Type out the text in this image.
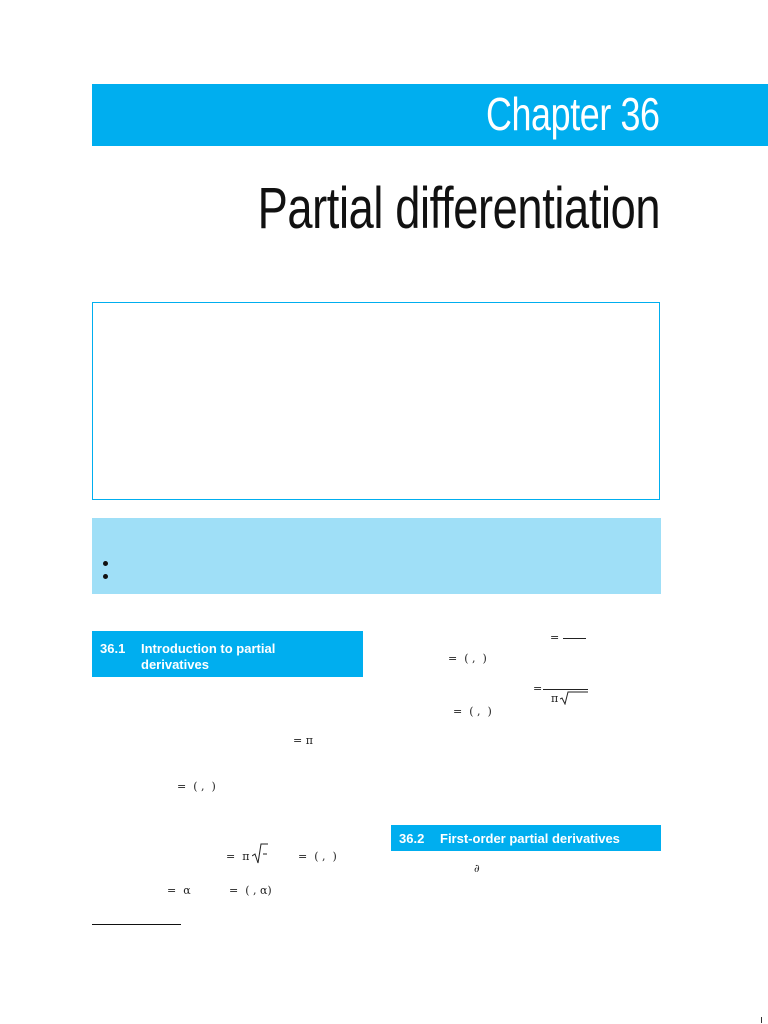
Chapter 36
Partial differentiation
36.1 Introduction to partial
derivatives
36.2 First-order partial derivatives
= π
=  ( ,  )
=  π	=  ( ,  )
=  α	=  ( , α)
=
=  ( ,  )
=
π
=  ( ,  )
∂
